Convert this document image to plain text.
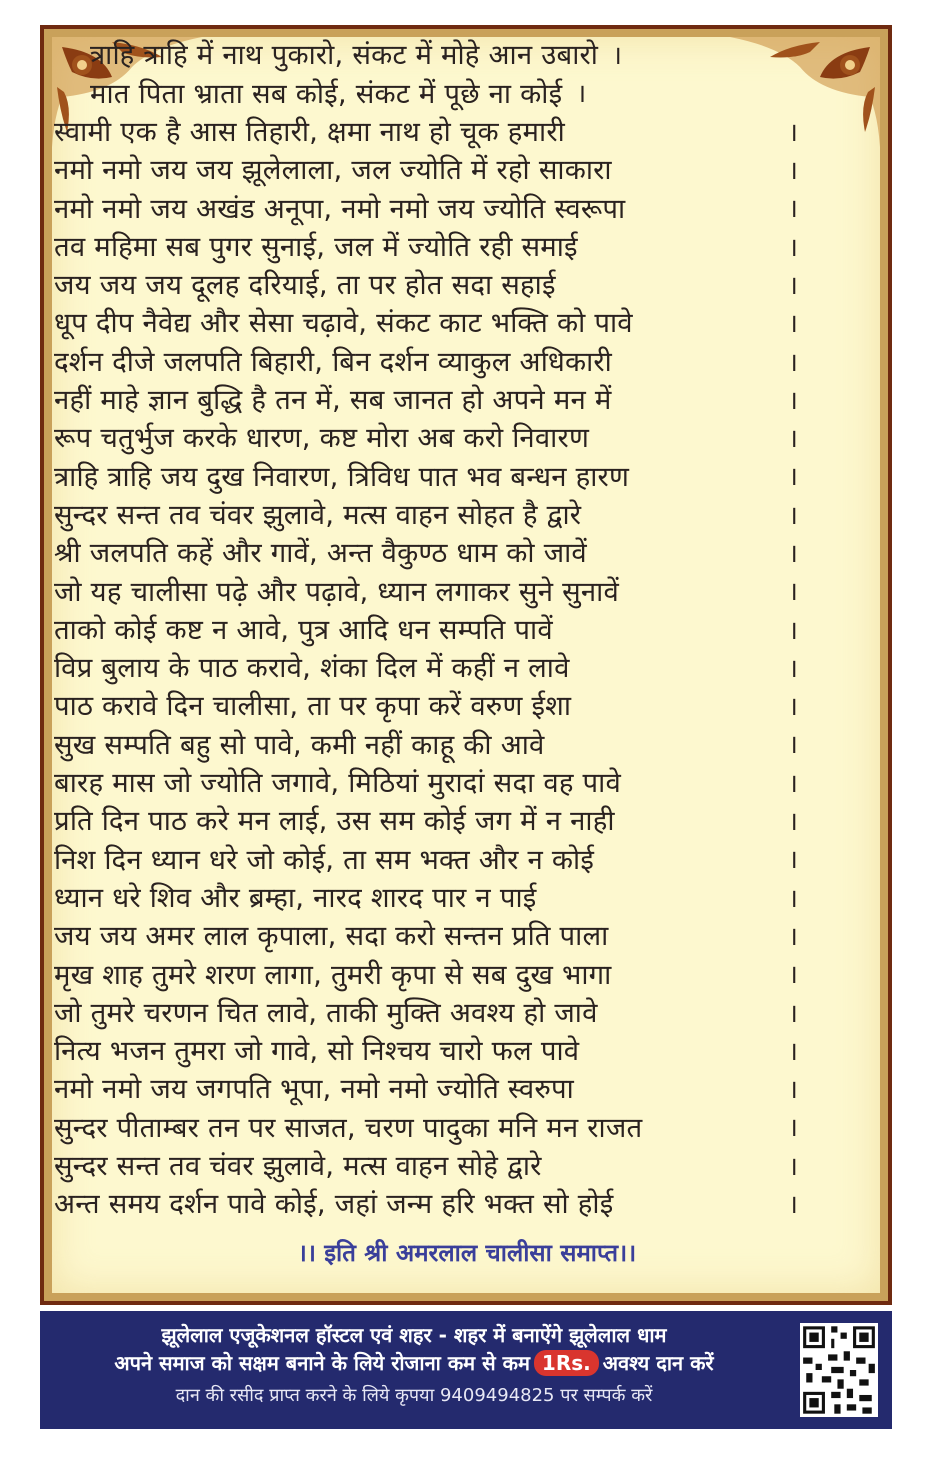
त्राहि त्राहि में नाथ पुकारो, संकट में मोहे आन उबारो ।
मात पिता भ्राता सब कोई, संकट में पूछे ना कोई ।
स्वामी एक है आस तिहारी, क्षमा नाथ हो चूक हमारी	।
नमो नमो जय जय झूलेलाला, जल ज्योति में रहो साकारा	।
नमो नमो जय अखंड अनूपा, नमो नमो जय ज्योति स्वरूपा	।
तव महिमा सब पुगर सुनाई, जल में ज्योति रही समाई	।
जय जय जय दूलह दरियाई, ता पर होत सदा सहाई	।
धूप दीप नैवेद्य और सेसा चढ़ावे, संकट काट भक्ति को पावे	।
दर्शन दीजे जलपति बिहारी, बिन दर्शन व्याकुल अधिकारी	।
नहीं माहे ज्ञान बुद्धि है तन में, सब जानत हो अपने मन में	।
रूप चतुर्भुज करके धारण, कष्ट मोरा अब करो निवारण	।
त्राहि त्राहि जय दुख निवारण, त्रिविध पात भव बन्धन हारण	।
सुन्दर सन्त तव चंवर झुलावे, मत्स वाहन सोहत है द्वारे	।
श्री जलपति कहें और गावें, अन्त वैकुण्ठ धाम को जावें	।
जो यह चालीसा पढ़े और पढ़ावे, ध्यान लगाकर सुने सुनावें	।
ताको कोई कष्ट न आवे, पुत्र आदि धन सम्पति पावें	।
विप्र बुलाय के पाठ करावे, शंका दिल में कहीं न लावे	।
पाठ करावे दिन चालीसा, ता पर कृपा करें वरुण ईशा	।
सुख सम्पति बहु सो पावे, कमी नहीं काहू की आवे	।
बारह मास जो ज्योति जगावे, मिठियां मुरादां सदा वह पावे	।
प्रति दिन पाठ करे मन लाई, उस सम कोई जग में न नाही	।
निश दिन ध्यान धरे जो कोई, ता सम भक्त और न कोई	।
ध्यान धरे शिव और ब्रम्हा, नारद शारद पार न पाई	।
जय जय अमर लाल कृपाला, सदा करो सन्तन प्रति पाला	।
मृख शाह तुमरे शरण लागा, तुमरी कृपा से सब दुख भागा	।
जो तुमरे चरणन चित लावे, ताकी मुक्ति अवश्य हो जावे	।
नित्य भजन तुमरा जो गावे, सो निश्चय चारो फल पावे	।
नमो नमो जय जगपति भूपा, नमो नमो ज्योति स्वरुपा	।
सुन्दर पीताम्बर तन पर साजत, चरण पादुका मनि मन राजत	।
सुन्दर सन्त तव चंवर झुलावे, मत्स वाहन सोहे द्वारे	।
अन्त समय दर्शन पावे कोई, जहां जन्म हरि भक्त सो होई	।
।। इति श्री अमरलाल चालीसा समाप्त।।
झूलेलाल एजूकेशनल हॉस्टल एवं शहर - शहर में बनाऐंगे झूलेलाल धाम
अपने समाज को सक्षम बनाने के लिये रोजाना कम से कम 1Rs. अवश्य दान करें
दान की रसीद प्राप्त करने के लिये कृपया 9409494825 पर सम्पर्क करें
